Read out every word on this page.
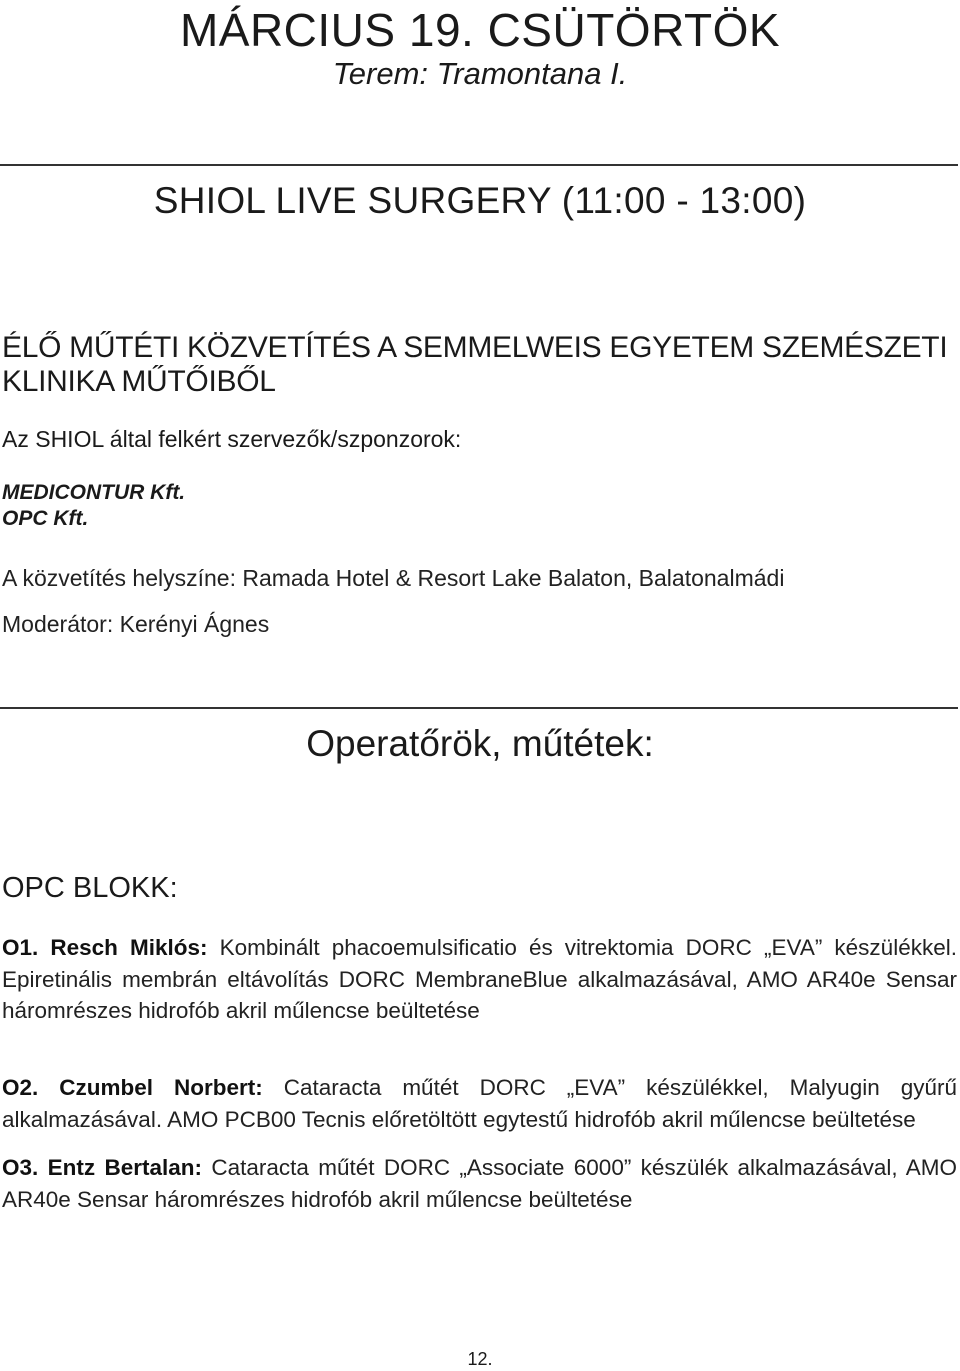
MÁRCIUS 19. CSÜTÖRTÖK
Terem: Tramontana I.
SHIOL LIVE SURGERY (11:00 - 13:00)
ÉLŐ MŰTÉTI KÖZVETÍTÉS A SEMMELWEIS EGYETEM SZEMÉSZETI KLINIKA MŰTŐIBŐL
Az SHIOL által felkért szervezők/szponzorok:
MEDICONTUR Kft.
OPC Kft.
A közvetítés helyszíne: Ramada Hotel & Resort Lake Balaton, Balatonalmádi
Moderátor: Kerényi Ágnes
Operatőrök, műtétek:
OPC BLOKK:
O1. Resch Miklós: Kombinált phacoemulsificatio és vitrektomia DORC „EVA” készülékkel. Epiretinális membrán eltávolítás DORC MembraneBlue alkalmazásával, AMO AR40e Sensar háromrészes hidrofób akril műlencse beültetése
O2. Czumbel Norbert: Cataracta műtét DORC „EVA” készülékkel, Malyugin gyűrű alkalmazásával. AMO PCB00 Tecnis előretöltött egytestű hidrofób akril műlencse beültetése
O3. Entz Bertalan: Cataracta műtét DORC „Associate 6000” készülék alkalmazásával, AMO AR40e Sensar háromrészes hidrofób akril műlencse beültetése
12.
